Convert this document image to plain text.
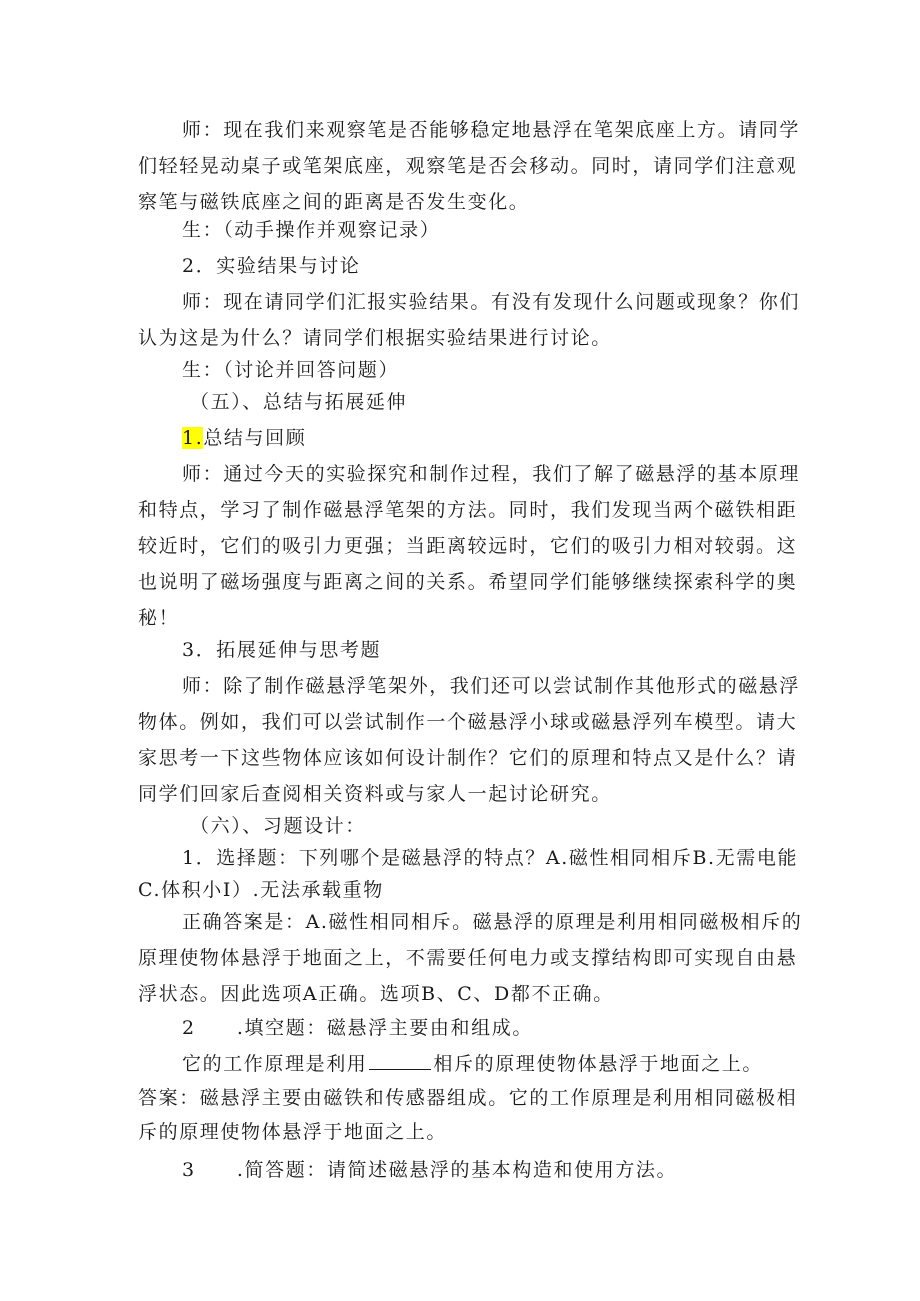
师：现在我们来观察笔是否能够稳定地悬浮在笔架底座上方。请同学
们轻轻晃动桌子或笔架底座，观察笔是否会移动。同时，请同学们注意观
察笔与磁铁底座之间的距离是否发生变化。
生：（动手操作并观察记录）
2．实验结果与讨论
师：现在请同学们汇报实验结果。有没有发现什么问题或现象？你们
认为这是为什么？请同学们根据实验结果进行讨论。
生：（讨论并回答问题）
（五）、总结与拓展延伸
1.总结与回顾
师：通过今天的实验探究和制作过程，我们了解了磁悬浮的基本原理
和特点，学习了制作磁悬浮笔架的方法。同时，我们发现当两个磁铁相距
较近时，它们的吸引力更强；当距离较远时，它们的吸引力相对较弱。这
也说明了磁场强度与距离之间的关系。希望同学们能够继续探索科学的奥
秘！
3．拓展延伸与思考题
师：除了制作磁悬浮笔架外，我们还可以尝试制作其他形式的磁悬浮
物体。例如，我们可以尝试制作一个磁悬浮小球或磁悬浮列车模型。请大
家思考一下这些物体应该如何设计制作？它们的原理和特点又是什么？请
同学们回家后查阅相关资料或与家人一起讨论研究。
（六）、习题设计：
1．选择题：下列哪个是磁悬浮的特点？A.磁性相同相斥B.无需电能
C.体积小I）.无法承载重物
正确答案是：A.磁性相同相斥。磁悬浮的原理是利用相同磁极相斥的
原理使物体悬浮于地面之上，不需要任何电力或支撑结构即可实现自由悬
浮状态。因此选项A正确。选项B、C、D都不正确。
2　　.填空题：磁悬浮主要由和组成。
它的工作原理是利用	相斥的原理使物体悬浮于地面之上。
答案：磁悬浮主要由磁铁和传感器组成。它的工作原理是利用相同磁极相
斥的原理使物体悬浮于地面之上。
3　　.简答题：请简述磁悬浮的基本构造和使用方法。
